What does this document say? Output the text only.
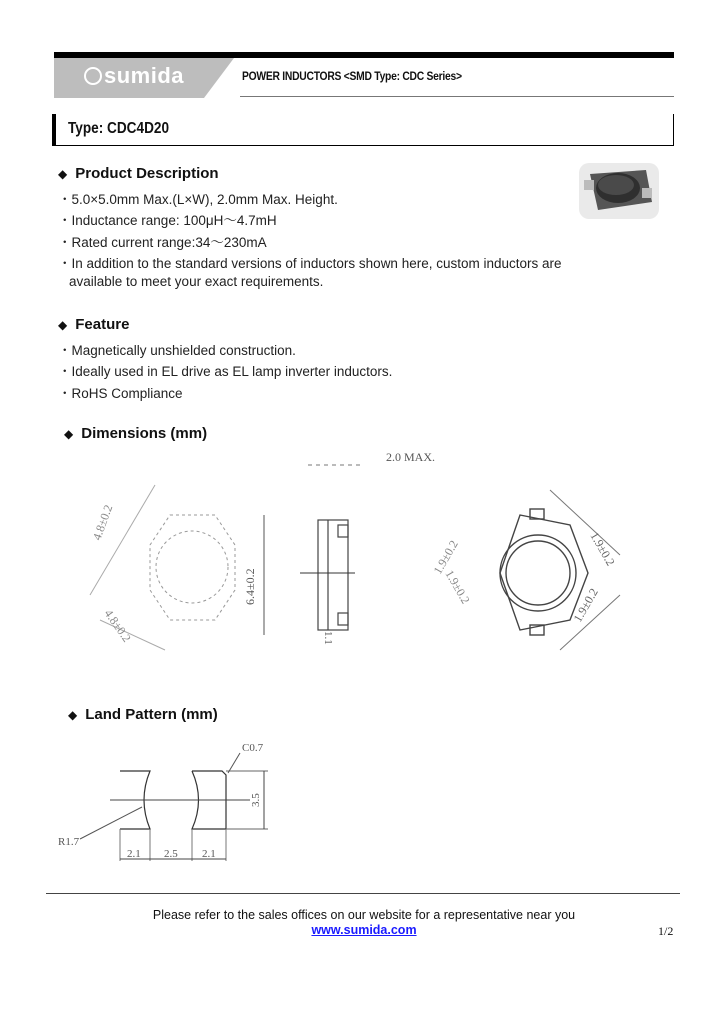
sumida	POWER INDUCTORS <SMD Type: CDC Series>
Type: CDC4D20
◆ Product Description
・5.0×5.0mm Max.(L×W), 2.0mm Max. Height.
・Inductance range: 100μH～4.7mH
・Rated current range:34～230mA
・In addition to the standard versions of inductors shown here, custom inductors are
available to meet your exact requirements.
◆ Feature
・Magnetically unshielded construction.
・Ideally used in EL drive as EL lamp inverter inductors.
・RoHS Compliance
◆ Dimensions (mm)
4.8±0.2
4.8±0.2
6.4±0.2
2.0 MAX.
1.1
1.9±0.2
1.9±0.2
1.9±0.2
1.9±0.2
◆ Land Pattern (mm)
3.5
C0.7
R1.7
2.1 2.5 2.1
Please refer to the sales offices on our website for a representative near you
www.sumida.com	1/2
